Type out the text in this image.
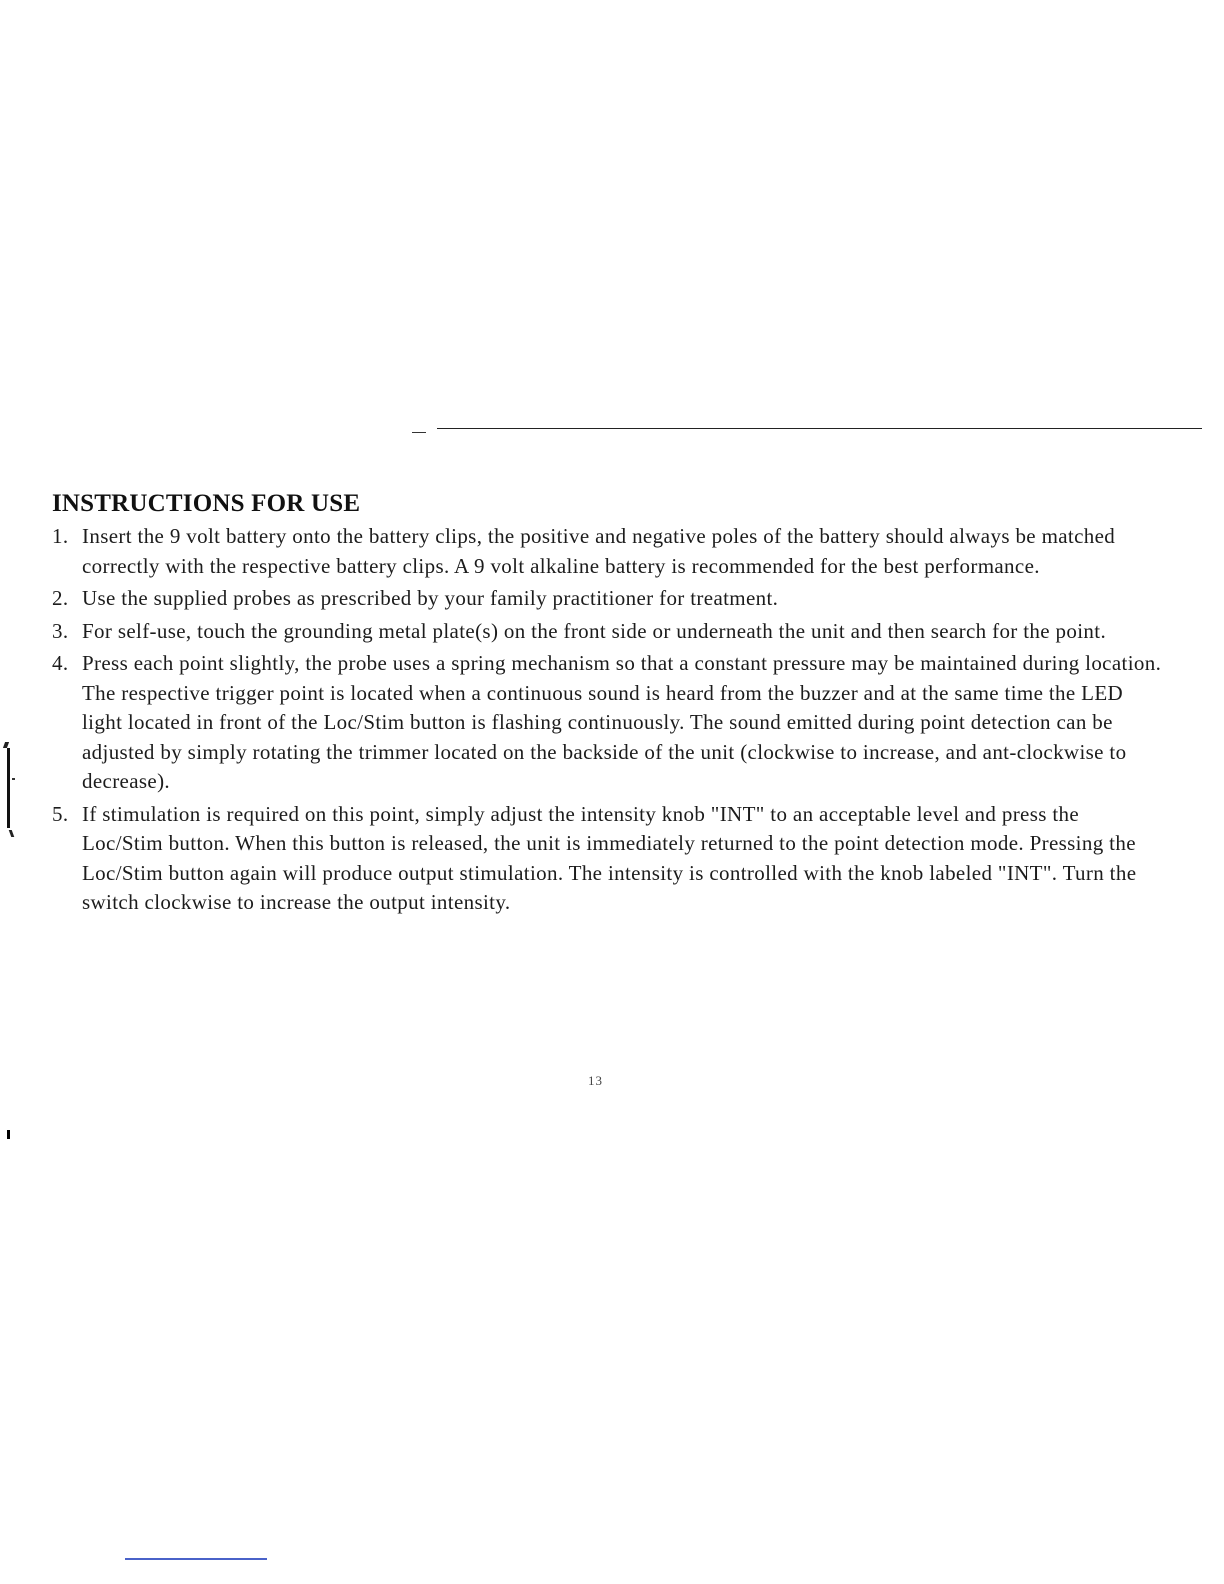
INSTRUCTIONS FOR USE
1. Insert the 9 volt battery onto the battery clips, the positive and negative poles of the battery should always be matched correctly with the respective battery clips. A 9 volt alkaline battery is recommended for the best performance.
2. Use the supplied probes as prescribed by your family practitioner for treatment.
3. For self-use, touch the grounding metal plate(s) on the front side or underneath the unit and then search for the point.
4. Press each point slightly, the probe uses a spring mechanism so that a constant pressure may be maintained during location. The respective trigger point is located when a continuous sound is heard from the buzzer and at the same time the LED light located in front of the Loc/Stim button is flashing continuously. The sound emitted during point detection can be adjusted by simply rotating the trimmer located on the backside of the unit (clockwise to increase, and ant-clockwise to decrease).
5. If stimulation is required on this point, simply adjust the intensity knob "INT" to an acceptable level and press the Loc/Stim button. When this button is released, the unit is immediately returned to the point detection mode. Pressing the Loc/Stim button again will produce output stimulation. The intensity is controlled with the knob labeled "INT". Turn the switch clockwise to increase the output intensity.
13
